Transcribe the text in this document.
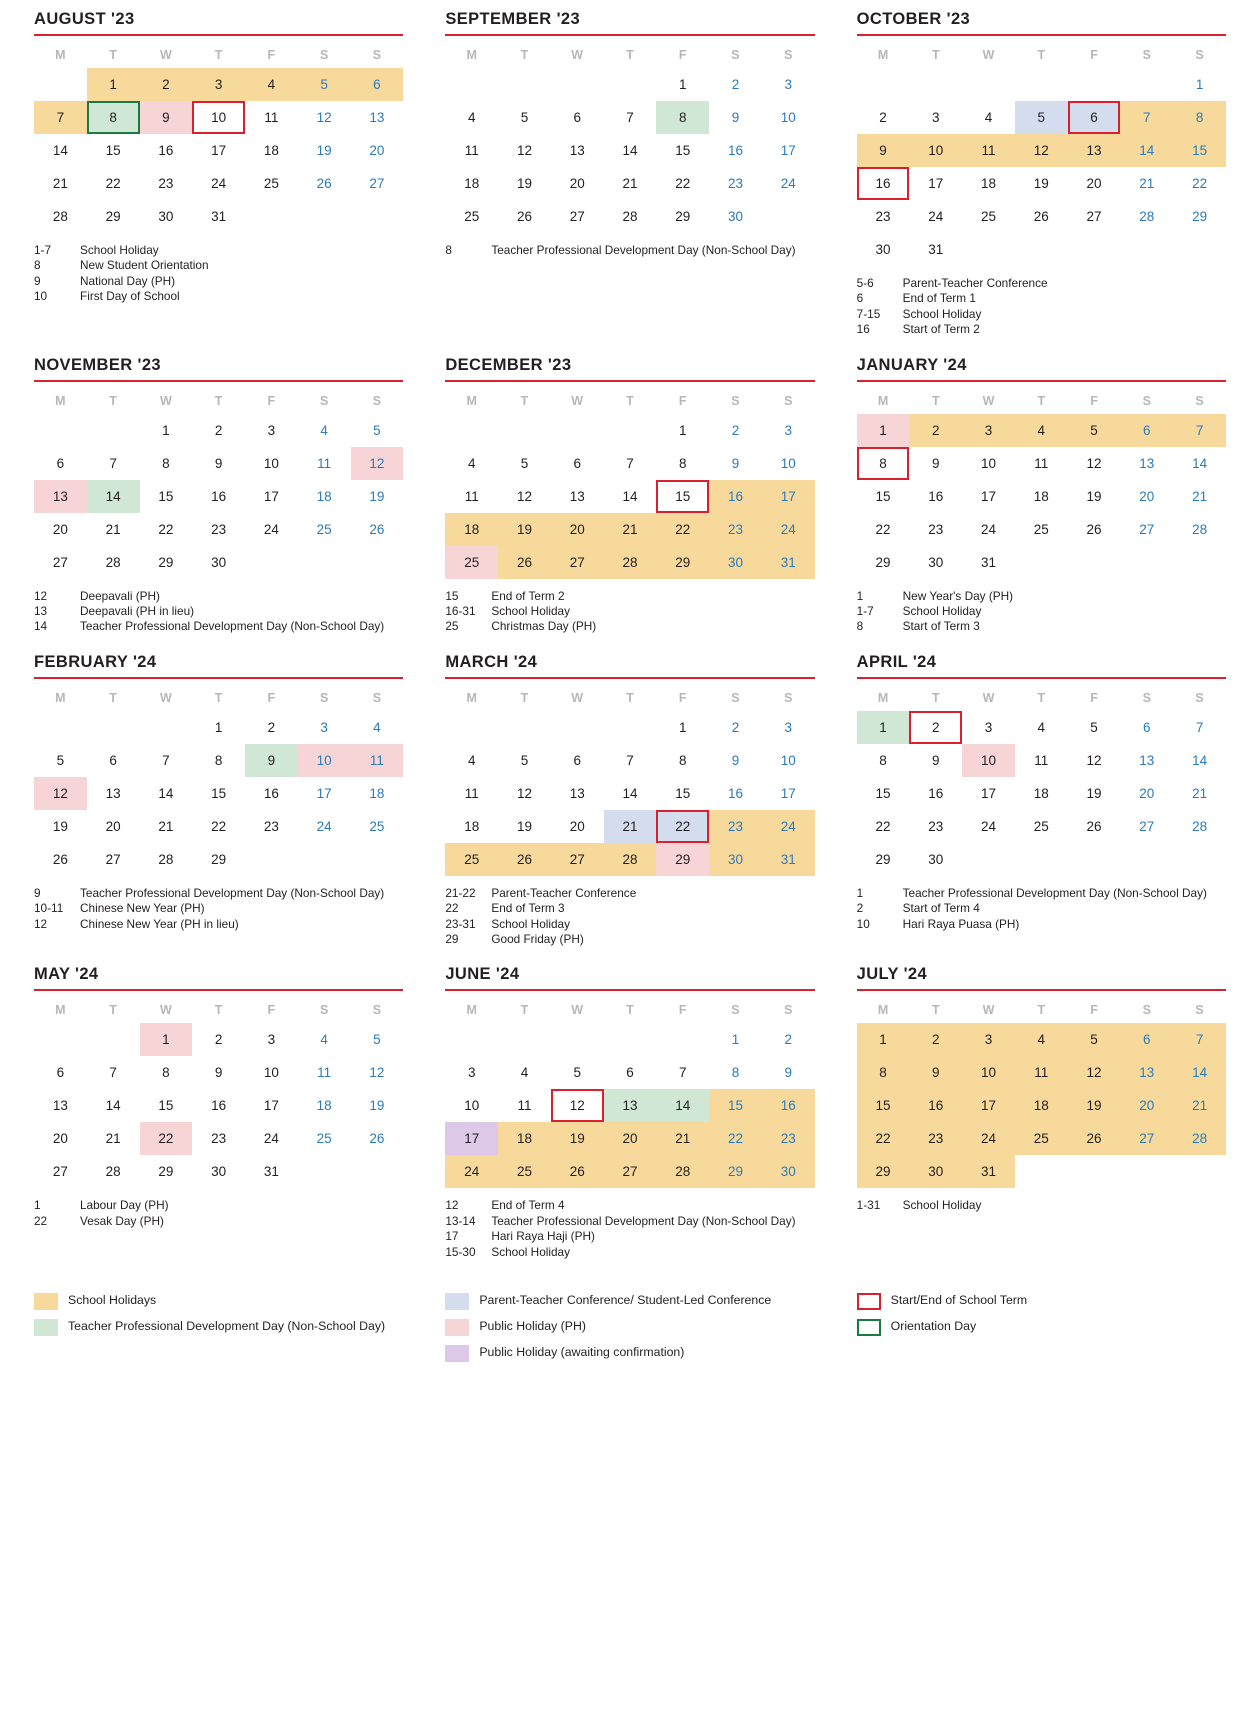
AUGUST '23
M	T	W	T	F	S	S

	1	2	3	4	5	6

7	8	9	10	11	12	13

14	15	16	17	18	19	20

21	22	23	24	25	26	27

28	29	30	31			

1-7	School Holiday
8	New Student Orientation
9	National Day (PH)
10	First Day of School
SEPTEMBER '23
M	T	W	T	F	S	S

				1	2	3

4	5	6	7	8	9	10

11	12	13	14	15	16	17

18	19	20	21	22	23	24

25	26	27	28	29	30	

8	Teacher Professional Development Day (Non-School Day)
OCTOBER '23
M	T	W	T	F	S	S

						1

2	3	4	5	6	7	8

9	10	11	12	13	14	15

16	17	18	19	20	21	22

23	24	25	26	27	28	29

30	31					

5-6	Parent-Teacher Conference
6	End of Term 1
7-15	School Holiday
16	Start of Term 2
NOVEMBER '23
M	T	W	T	F	S	S

		1	2	3	4	5

6	7	8	9	10	11	12

13	14	15	16	17	18	19

20	21	22	23	24	25	26

27	28	29	30			

12	Deepavali (PH)
13	Deepavali (PH in lieu)
14	Teacher Professional Development Day (Non-School Day)
DECEMBER '23
M	T	W	T	F	S	S

				1	2	3

4	5	6	7	8	9	10

11	12	13	14	15	16	17

18	19	20	21	22	23	24

25	26	27	28	29	30	31
15	End of Term 2
16-31	School Holiday
25	Christmas Day (PH)
JANUARY '24
M	T	W	T	F	S	S

1	2	3	4	5	6	7

8	9	10	11	12	13	14

15	16	17	18	19	20	21

22	23	24	25	26	27	28

29	30	31				

1	New Year's Day (PH)
1-7	School Holiday
8	Start of Term 3
FEBRUARY '24
M	T	W	T	F	S	S

			1	2	3	4

5	6	7	8	9	10	11

12	13	14	15	16	17	18

19	20	21	22	23	24	25

26	27	28	29			

9	Teacher Professional Development Day (Non-School Day)
10-11	Chinese New Year (PH)
12	Chinese New Year (PH in lieu)
MARCH '24
M	T	W	T	F	S	S

				1	2	3

4	5	6	7	8	9	10

11	12	13	14	15	16	17

18	19	20	21	22	23	24

25	26	27	28	29	30	31
21-22	Parent-Teacher Conference
22	End of Term 3
23-31	School Holiday
29	Good Friday (PH)
APRIL '24
M	T	W	T	F	S	S

1	2	3	4	5	6	7

8	9	10	11	12	13	14

15	16	17	18	19	20	21

22	23	24	25	26	27	28

29	30					

1	Teacher Professional Development Day (Non-School Day)
2	Start of Term 4
10	Hari Raya Puasa (PH)
MAY '24
M	T	W	T	F	S	S

		1	2	3	4	5

6	7	8	9	10	11	12

13	14	15	16	17	18	19

20	21	22	23	24	25	26

27	28	29	30	31		

1	Labour Day (PH)
22	Vesak Day (PH)
JUNE '24
M	T	W	T	F	S	S

					1	2

3	4	5	6	7	8	9

10	11	12	13	14	15	16

17	18	19	20	21	22	23

24	25	26	27	28	29	30
12	End of Term 4
13-14	Teacher Professional Development Day (Non-School Day)
17	Hari Raya Haji (PH)
15-30	School Holiday
JULY '24
M	T	W	T	F	S	S

1	2	3	4	5	6	7

8	9	10	11	12	13	14

15	16	17	18	19	20	21

22	23	24	25	26	27	28

29	30	31				

1-31	School Holiday
School Holidays
Teacher Professional Development Day (Non-School Day)
Parent-Teacher Conference/ Student-Led Conference
Public Holiday (PH)
Public Holiday (awaiting confirmation)
Start/End of School Term
Orientation Day
